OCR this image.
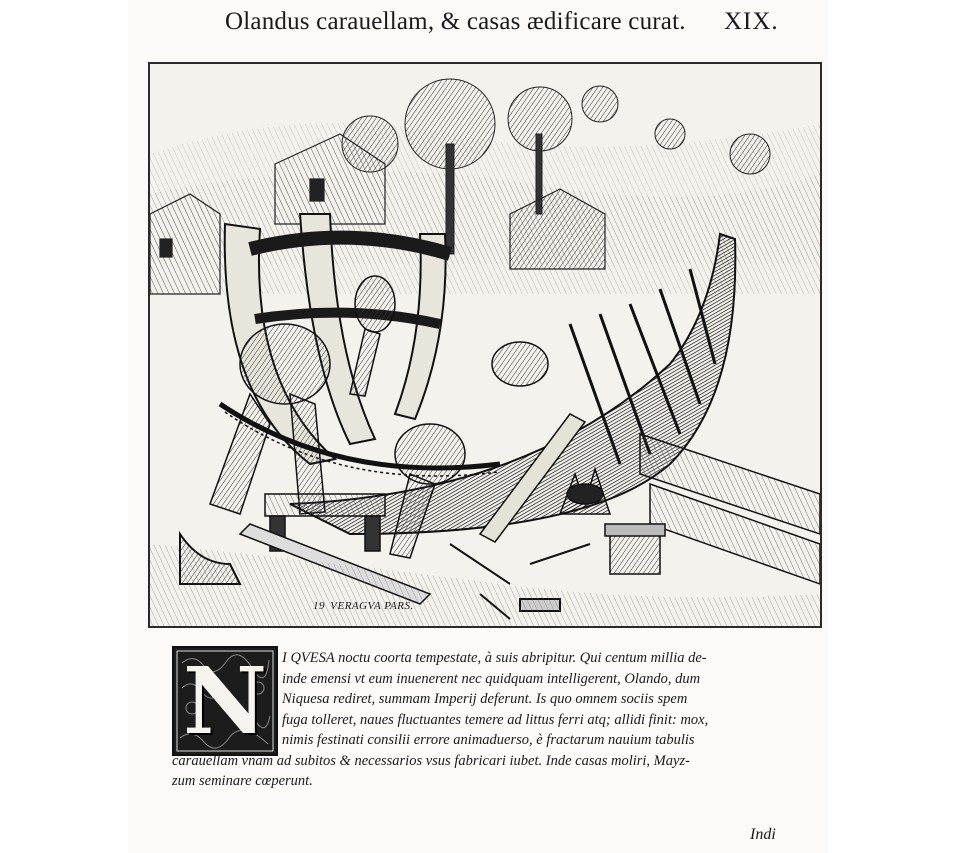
Olandus carauellam, & casas ædificare curat. XIX.
19 VERAGVA PARS.
N	I QVESA noctu coorta tempestate, à suis abripitur. Qui centum millia de-
inde emensi vt eum inuenerent nec quidquam intelligerent, Olando, dum
Niquesa rediret, summam Imperij deferunt. Is quo omnem sociis spem
fuga tolleret, naues fluctuantes temere ad littus ferri atq; allidi finit: mox,
nimis festinati consilii errore animaduerso, è fractarum nauium tabulis
carauellam vnam ad subitos & necessarios vsus fabricari iubet. Inde casas moliri, Mayz-
zum seminare cœperunt.
Indi
